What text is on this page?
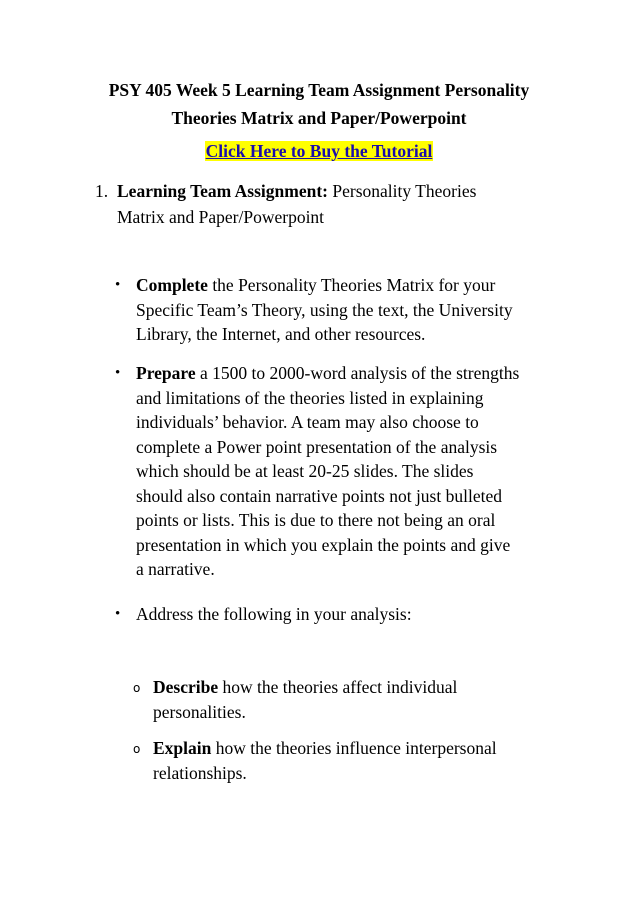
PSY 405 Week 5 Learning Team Assignment Personality
Theories Matrix and Paper/Powerpoint
Click Here to Buy the Tutorial
1. Learning Team Assignment: Personality Theories
Matrix and Paper/Powerpoint
• Complete the Personality Theories Matrix for your
Specific Team’s Theory, using the text, the University
Library, the Internet, and other resources.
• Prepare a 1500 to 2000-word analysis of the strengths
and limitations of the theories listed in explaining
individuals’ behavior. A team may also choose to
complete a Power point presentation of the analysis
which should be at least 20-25 slides. The slides
should also contain narrative points not just bulleted
points or lists. This is due to there not being an oral
presentation in which you explain the points and give
a narrative.
• Address the following in your analysis:
o Describe how the theories affect individual
personalities.
o Explain how the theories influence interpersonal
relationships.
